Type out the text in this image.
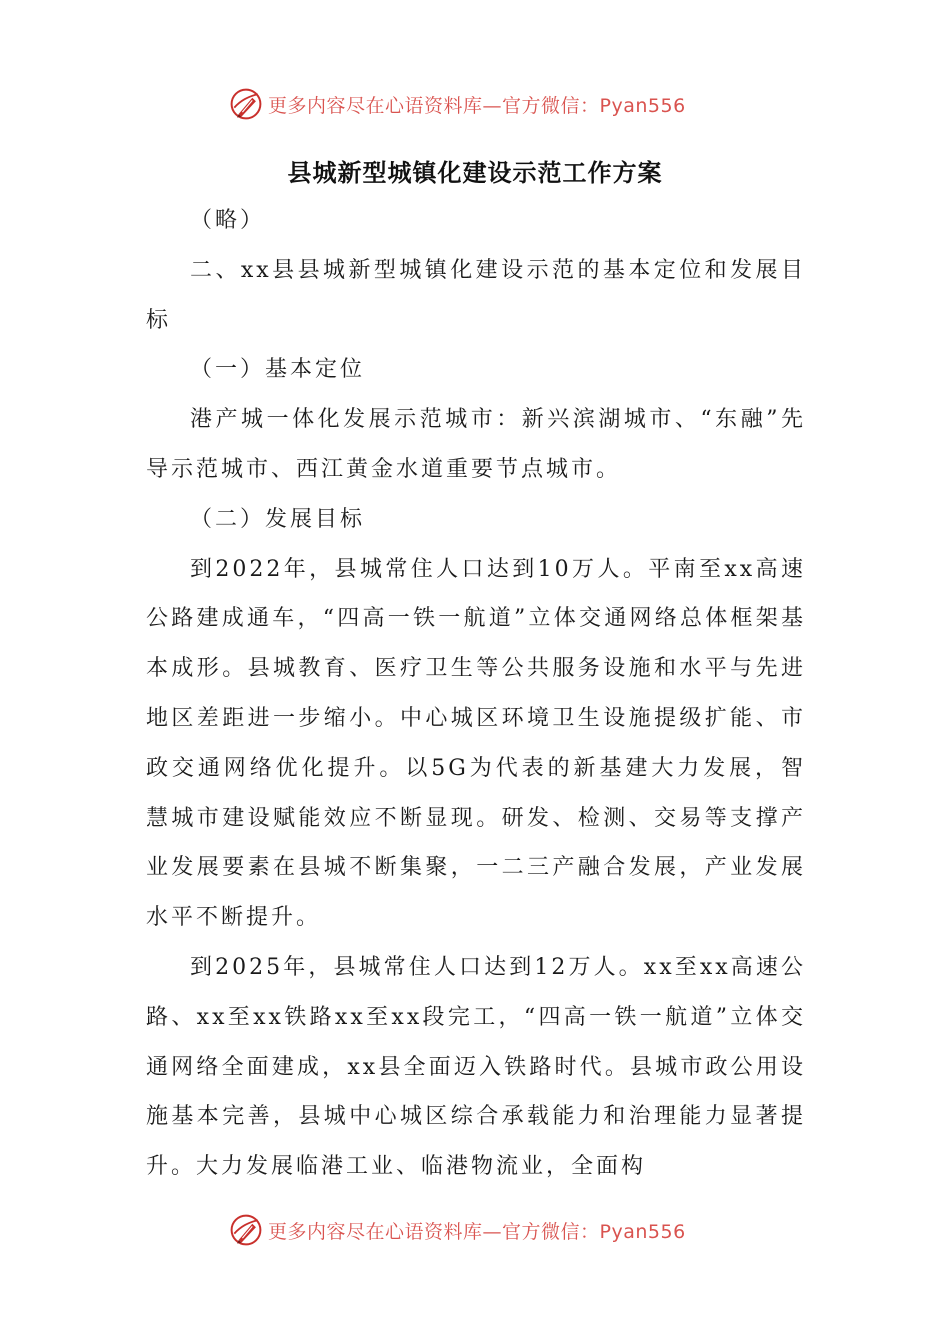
更多内容尽在心语资料库—官方微信：Pyan556
县城新型城镇化建设示范工作方案

（略）

二、xx县县城新型城镇化建设示范的基本定位和发展目标

（一）基本定位

港产城一体化发展示范城市：新兴滨湖城市、“东融”先导示范城市、西江黄金水道重要节点城市。

（二）发展目标

到2022年，县城常住人口达到10万人。平南至xx高速公路建成通车，“四高一铁一航道”立体交通网络总体框架基本成形。县城教育、医疗卫生等公共服务设施和水平与先进地区差距进一步缩小。中心城区环境卫生设施提级扩能、市政交通网络优化提升。以5G为代表的新基建大力发展，智慧城市建设赋能效应不断显现。研发、检测、交易等支撑产业发展要素在县城不断集聚，一二三产融合发展，产业发展水平不断提升。

到2025年，县城常住人口达到12万人。xx至xx高速公路、xx至xx铁路xx至xx段完工，“四高一铁一航道”立体交通网络全面建成，xx县全面迈入铁路时代。县城市政公用设施基本完善，县城中心城区综合承载能力和治理能力显著提升。大力发展临港工业、临港物流业，全面构

更多内容尽在心语资料库—官方微信：Pyan556
